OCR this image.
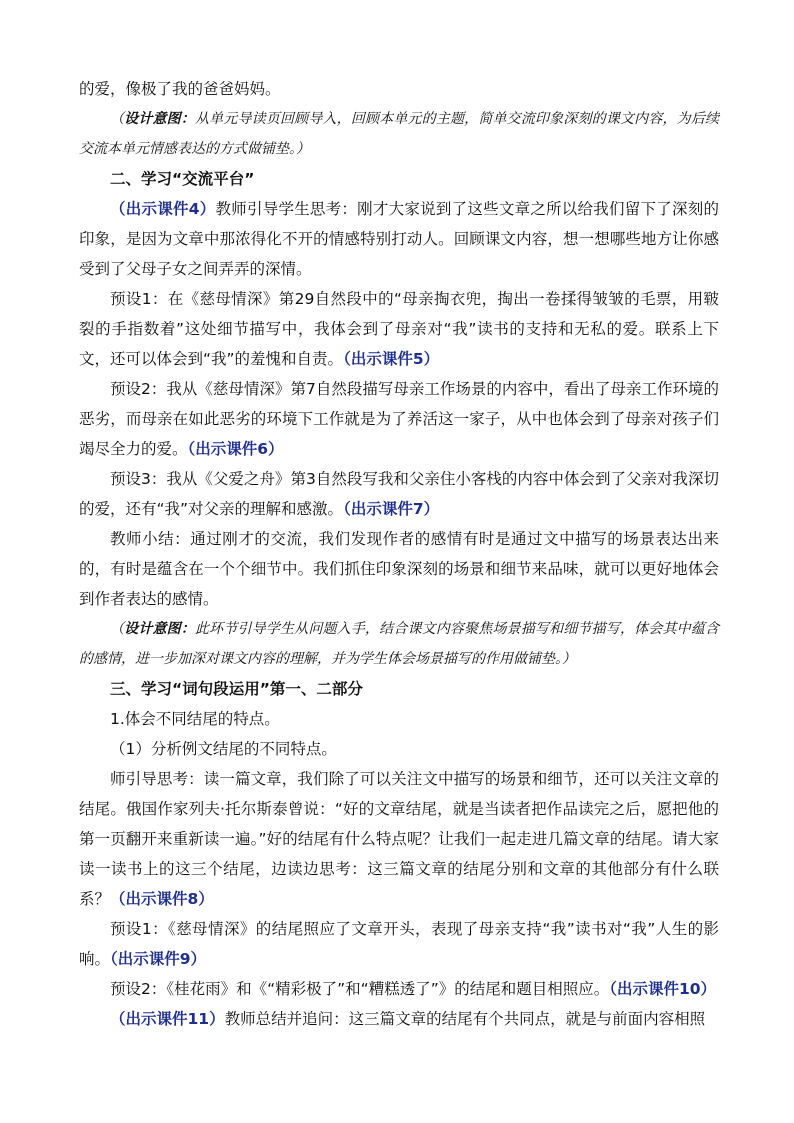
的爱，像极了我的爸爸妈妈。

（设计意图：从单元导读页回顾导入，回顾本单元的主题，简单交流印象深刻的课文内容，为后续交流本单元情感表达的方式做铺垫。）

二、学习“交流平台”

（出示课件4）教师引导学生思考：刚才大家说到了这些文章之所以给我们留下了深刻的印象，是因为文章中那浓得化不开的情感特别打动人。回顾课文内容，想一想哪些地方让你感受到了父母子女之间弄弄的深情。

预设1：在《慈母情深》第29自然段中的“母亲掏衣兜，掏出一卷揉得皱皱的毛票，用皲裂的手指数着”这处细节描写中，我体会到了母亲对“我”读书的支持和无私的爱。联系上下文，还可以体会到“我”的羞愧和自责。（出示课件5）

预设2：我从《慈母情深》第7自然段描写母亲工作场景的内容中，看出了母亲工作环境的恶劣，而母亲在如此恶劣的环境下工作就是为了养活这一家子，从中也体会到了母亲对孩子们竭尽全力的爱。（出示课件6）

预设3：我从《父爱之舟》第3自然段写我和父亲住小客栈的内容中体会到了父亲对我深切的爱，还有“我”对父亲的理解和感激。（出示课件7）

教师小结：通过刚才的交流，我们发现作者的感情有时是通过文中描写的场景表达出来的，有时是蕴含在一个个细节中。我们抓住印象深刻的场景和细节来品味，就可以更好地体会到作者表达的感情。

（设计意图：此环节引导学生从问题入手，结合课文内容聚焦场景描写和细节描写，体会其中蕴含的感情，进一步加深对课文内容的理解，并为学生体会场景描写的作用做铺垫。）

三、学习“词句段运用”第一、二部分

1.体会不同结尾的特点。

（1）分析例文结尾的不同特点。

师引导思考：读一篇文章，我们除了可以关注文中描写的场景和细节，还可以关注文章的结尾。俄国作家列夫·托尔斯泰曾说：“好的文章结尾，就是当读者把作品读完之后，愿把他的第一页翻开来重新读一遍。”好的结尾有什么特点呢？让我们一起走进几篇文章的结尾。请大家读一读书上的这三个结尾，边读边思考：这三篇文章的结尾分别和文章的其他部分有什么联系？（出示课件8）

预设1：《慈母情深》的结尾照应了文章开头，表现了母亲支持“我”读书对“我”人生的影响。（出示课件9）

预设2：《桂花雨》和《“精彩极了”和“糟糕透了”》的结尾和题目相照应。（出示课件10）

（出示课件11）教师总结并追问：这三篇文章的结尾有个共同点，就是与前面内容相照
